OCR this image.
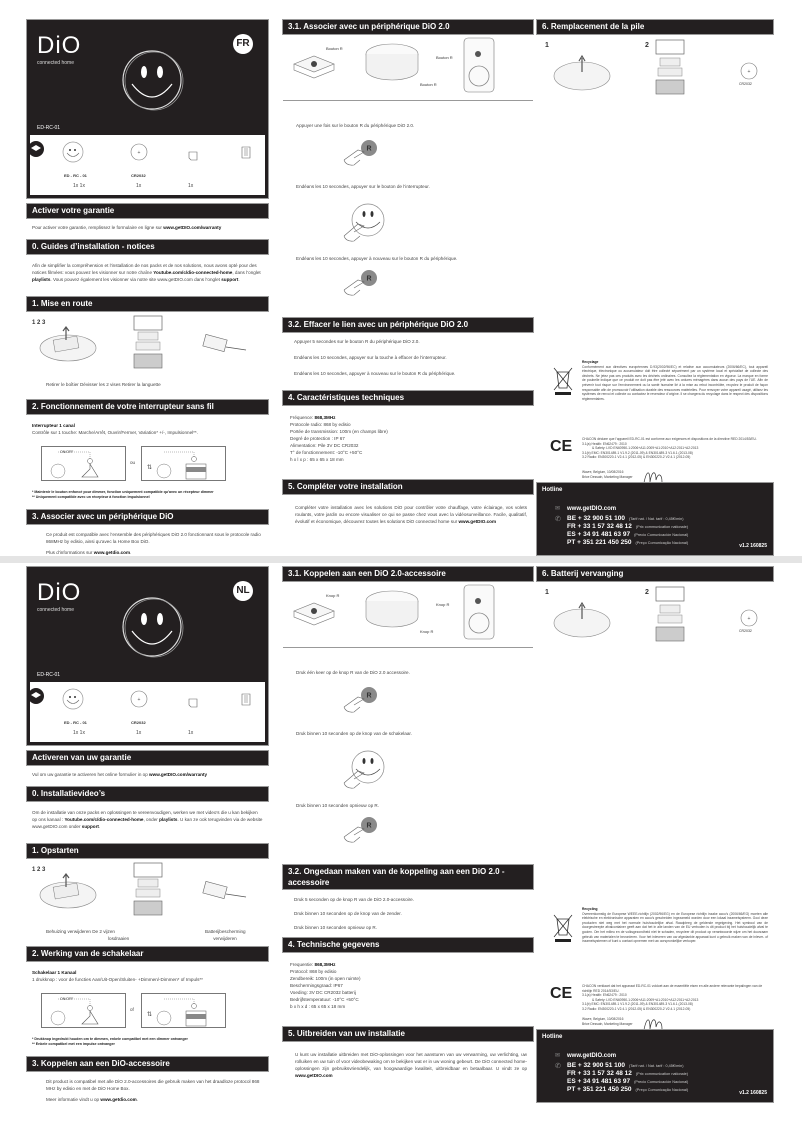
DiO
connected home
FR
ED-RC-01
+
ED - RC - 01	CR2032
1x 1x	1x	1x
Activer votre garantie
Pour activer votre garantie, remplissez le formulaire en ligne sur www.getDIO.com/warranty
0. Guides d’installation - notices
Afin de simplifier la compréhension et l’installation de nos packs et de nos solutions, nous avons opté pour des notices filmées: vous pouvez les visionner sur notre chaîne Youtube.com/c/dio-connected-home, dans l’onglet playlists. Vous pouvez également les visionner via notre site www.getDIO.com dans l’onglet support.
1. Mise en route
1 2 3
Retirer le boîtier Dévisser les 2 vises Retirer la languette
2. Fonctionnement de votre interrupteur sans fil
Interrupteur 1 canal
Contrôle sur 1 touche: Marche/Arrêt, Ouvrir/Fermer, Variation* +/-, Impulsionnel**.
ON/OFF
ou
⇅
* Maintenir le bouton enfoncé pour dimmer, fonction uniquement compatible qu’avec un récepteur dimmer
** Uniquement compatible avec un récepteur à fonction impulsionnel
3. Associer avec un périphérique DiO
Ce produit est compatible avec l’ensemble des périphériques DiO 2.0 fonctionnant sous le protocole radio 868MHz by edisio, ainsi qu’avec la Home Box DiO.
Plus d’informations sur www.getdio.com.
3.1. Associer avec un périphérique DiO 2.0
Bouton R
Bouton R
Bouton R
Appuyer une fois sur le bouton R du périphérique DiO 2.0.
R
Endéans les 10 secondes, appuyer sur le bouton de l’interrupteur.
Endéans les 10 secondes, appuyer à nouveau sur le bouton R du périphérique.
R
3.2. Effacer le lien avec un périphérique DiO 2.0
Appuyer 5 secondes sur le bouton R du périphérique DiO 2.0.
Endéans les 10 secondes, appuyer sur la touche à effacer de l’interrupteur.
Endéans les 10 secondes, appuyer à nouveau sur le bouton R du périphérique.
4. Caractéristiques techniques
Fréquence: 868,3MHz
Protocole radio: 868 by edisio
Portée de transmission: 100m (en champs libre)
Degré de protection : IP 67
Alimentation: Pile 3V DC CR2032
T° de fonctionnement: -10°C +50°C
h x l x p : 65 x 65 x 18 mm
5. Compléter votre installation
Compléter votre installation avec les solutions DiO pour contrôler votre chauffage, votre éclairage, vos volets roulants, votre jardin ou encore visualiser ce qui se passe chez vous avec la vidéosurveillance. Facile, qualitatif, évolutif et économique, découvrez toutes les solutions DiO connected home sur www.getDIO.com
6. Remplacement de la pile
1	2
+
CR2032
Recyclage
Conformément aux directives européennes D.93(2002/96/EC) et relative aux accumulateurs (2006/66/EC), tout appareil électrique, électronique ou accumulateur doit être collecté séparément par un système local et spécialisé de collecte des déchets. Ne jetez pas ces produits avec les déchets ordinaires. Consultez la réglementation en vigueur. La marque en forme de poubelle indique que ce produit ne doit pas être jeté avec les ordures ménagères dans aucun des pays de l’UE. Afin de prévenir tout risque sur l’environnement ou la santé humaine lié à la mise au rebut incontrôlée, recyclez le produit de façon responsable afin de promouvoir l’utilisation durable des ressources matérielles. Pour renvoyer votre appareil usagé, utilisez les systèmes de renvoi et collecte ou contactez le revendeur d’origine. Il se chargera du recyclage dans le respect des dispositions réglementaires.
CE	CHACON déclare que l’appareil ED-RC-01 est conforme aux exigences et dispositions de la directive RED 2014/53/EU.
3.1(a) Health: EN62479 : 2010
& Safety: LVD EN60950-1:2006+A11:2009+A1:2010+A12:2011+A2:2013
3.1(b) EMC: EN301489-1 V1.9.2 (2011-09) & EN301489-3 V1.6.1 (2013-08)
3.2 Radio: EN300220-1 V2.4.1 (2012-05) & EN300220-2 V2.4.1 (2012-05)
Wavre, Belgium, 10/08/2016
Brice Dessain, Marketing Manager
Hotline
✉
✆
www.getDIO.com
BE + 32 900 51 100 (Tarif nat. / Nat. tarif : 0,45€/min)
FR + 33 1 57 32 48 12 (Prix communication nationale)
ES + 34 91 481 63 97 (Precio Comunicación Nacional)
PT + 351 221 450 250 (Preço Comunicação Nacional)	v1.2 160825
DiO
connected home
NL
ED-RC-01
+
ED - RC - 01	CR2032
1x 1x	1x	1x
Activeren van uw garantie
Vul om uw garantie te activeren het online formulier in op www.getDIO.com/warranty
0. Installatievideo’s
Om de installatie van onze packs en oplossingen te vereenvoudigen, werken we met video’s die u kan bekijken op ons kanaal : Youtube.com/c/dio-connected-home, onder playlists. U kan ze ook terugvinden via de website www.getDIO.com onder support.
1. Opstarten
1 2 3
Behuizing verwijderen De 2 vijzen
losdraaien
Batterijbescherming verwijderen
2. Werking van de schakelaar
Schakelaar 1 Kanaal
1 drukknop : voor de functies Aan/Uit-Open/Sluiten- +Dimmen/-Dimmen* of Impuls**
ON/OFF
of
⇅
* Drukknop ingedrukt houden om te dimmen, enkele compatibel met een dimmer ontvanger
** Enkele compatibel met een impulse ontvanger
3. Koppelen aan een DiO-accessoire
Dit product is compatibel met alle DiO 2.0-accessoires die gebruik maken van het draadloze protocol 868 MHz by edisio en met de DiO Home Box.
Meer informatie vindt u op www.getdio.com.
3.1. Koppelen aan een DiO 2.0-accessoire
Knop R
Knop R
Knop R
Druk één keer op de knop R van de DiO 2.0 accessoire.
R
Druk binnen 10 seconden op de knop van de schakelaar.
Druk binnen 10 seconden opnieuw op R.
R
3.2. Ongedaan maken van de koppeling aan een DiO 2.0 -accessoire
Druk 5 seconden op de knop R van de DiO 2.0-accessoire.
Druk binnen 10 seconden op de knop van de zender.
Druk binnen 10 seconden opnieuw op R.
4. Technische gegevens
Frequentie: 868,3MHz
Protocol: 868 by edisio
Zendbereik: 100m (in open ruimte)
Beschermingsgraad: IP67
Voeding: 3V DC CR2032 batterij
Bedrijfstemperatuur: -10°C +50°C
b x h x d : 65 x 65 x 18 mm
5. Uitbreiden van uw installatie
U kunt uw installatie uitbreiden met DiO-oplossingen voor het aansturen van uw verwarming, uw verlichting, uw rolluiken en uw tuin of voor videobewaking om te bekijken wat er in uw woning gebeurt. De DiO connected home-oplossingen zijn gebruiksvriendelijk, van hoogwaardige kwaliteit, uitbreidbaar en betaalbaar. U vindt ze op www.getDIO.com
6. Batterij vervanging
1	2
+
CR2032
Recycling
Overeenkomstig de Europese WEEE-richtlijn (2002/96/EG) en de Europese richtlijn inzake accu’s (2006/66/EG) moeten alle elektrische en elektronische apparaten en accu’s gescheiden ingezameld worden door een lokaal inzamelsysteem. Gooi deze producten niet weg met het normale huishoudelijke afval. Raadpleeg de geldende regelgeving. Het symbool van de doorgestreepte afvalcontainer geeft aan dat het in alle landen van de EU verboden is dit product bij het huishoudelijk afval te gooien. Om het milieu en de volksgezondheid niet te schaden, recycleer dit product op verantwoorde wijze om het duurzaam gebruik van materialen te bevorderen. Voor het inleveren van uw afgedankte apparaat kunt u gebruik maken van de inlever- of inzamelsystemen of kunt u contact opnemen met uw oorspronkelijke verkoper.
CE	CHACON verklaart dat het apparaat ED-RC-01 voldoet aan de essentiële eisen en alle andere relevante bepalingen van de richtlijn RED 2014/53/EU.
3.1(a) Health: EN62479 : 2010
& Safety: LVD EN60950-1:2006+A11:2009+A1:2010+A12:2011+A2:2013
3.1(b) EMC: EN301489-1 V1.9.2 (2011-09) & EN301489-3 V1.6.1 (2013-08)
3.2 Radio: EN300220-1 V2.4.1 (2012-05) & EN300220-2 V2.4.1 (2012-05)
Wavre, Belgium, 10/08/2016
Brice Dessain, Marketing Manager
Hotline
✉
✆
www.getDIO.com
BE + 32 900 51 100 (Tarif nat. / Nat. tarif : 0,45€/min)
FR + 33 1 57 32 48 12 (Prix communication nationale)
ES + 34 91 481 63 97 (Precio Comunicación Nacional)
PT + 351 221 450 250 (Preço Comunicação Nacional)	v1.2 160825
